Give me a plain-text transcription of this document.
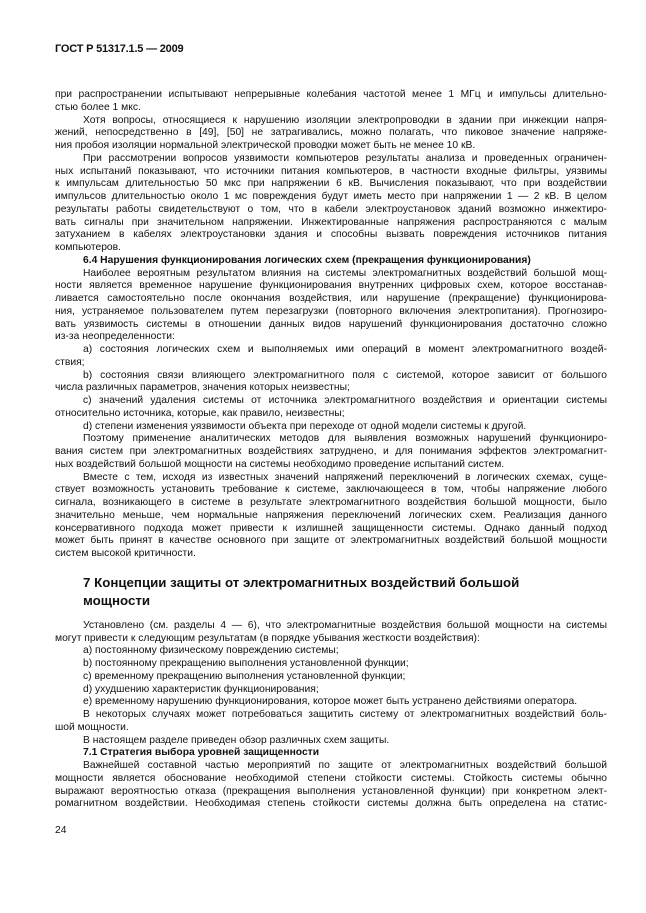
ГОСТ Р 51317.1.5 — 2009
при распространении испытывают непрерывные колебания частотой менее 1 МГц и импульсы длительно-
стью более 1 мкс.
Хотя вопросы, относящиеся к нарушению изоляции электропроводки в здании при инжекции напря-
жений, непосредственно в [49], [50] не затрагивались, можно полагать, что пиковое значение напряже-
ния пробоя изоляции нормальной электрической проводки может быть не менее 10 кВ.
При рассмотрении вопросов уязвимости компьютеров результаты анализа и проведенных ограничен-
ных испытаний показывают, что источники питания компьютеров, в частности входные фильтры, уязвимы
к импульсам длительностью 50 мкс при напряжении 6 кВ. Вычисления показывают, что при воздействии
импульсов длительностью около 1 мс повреждения будут иметь место при напряжении 1 — 2 кВ. В целом
результаты работы свидетельствуют о том, что в кабели электроустановок зданий возможно инжектиро-
вать сигналы при значительном напряжении. Инжектированные напряжения распространяются с малым
затуханием в кабелях электроустановки здания и способны вызвать повреждения источников питания
компьютеров.
6.4 Нарушения функционирования логических схем (прекращения функционирования)
Наиболее вероятным результатом влияния на системы электромагнитных воздействий большой мощ-
ности является временное нарушение функционирования внутренних цифровых схем, которое восстанав-
ливается самостоятельно после окончания воздействия, или нарушение (прекращение) функционирова-
ния, устраняемое пользователем путем перезагрузки (повторного включения электропитания). Прогнозиро-
вать уязвимость системы в отношении данных видов нарушений функционирования достаточно сложно
из-за неопределенности:
a) состояния логических схем и выполняемых ими операций в момент электромагнитного воздей-
ствия;
b) состояния связи влияющего электромагнитного поля с системой, которое зависит от большого
числа различных параметров, значения которых неизвестны;
c) значений удаления системы от источника электромагнитного воздействия и ориентации системы
относительно источника, которые, как правило, неизвестны;
d) степени изменения уязвимости объекта при переходе от одной модели системы к другой.
Поэтому применение аналитических методов для выявления возможных нарушений функциониро-
вания систем при электромагнитных воздействиях затруднено, и для понимания эффектов электромагнит-
ных воздействий большой мощности на системы необходимо проведение испытаний систем.
Вместе с тем, исходя из известных значений напряжений переключений в логических схемах, суще-
ствует возможность установить требование к системе, заключающееся в том, чтобы напряжение любого
сигнала, возникающего в системе в результате электромагнитного воздействия большой мощности, было
значительно меньше, чем нормальные напряжения переключений логических схем. Реализация данного
консервативного подхода может привести к излишней защищенности системы. Однако данный подход
может быть принят в качестве основного при защите от электромагнитных воздействий большой мощности
систем высокой критичности.
7 Концепции защиты от электромагнитных воздействий большой
мощности
Установлено (см. разделы 4 — 6), что электромагнитные воздействия большой мощности на системы
могут привести к следующим результатам (в порядке убывания жесткости воздействия):
a) постоянному физическому повреждению системы;
b) постоянному прекращению выполнения установленной функции;
c) временному прекращению выполнения установленной функции;
d) ухудшению характеристик функционирования;
e) временному нарушению функционирования, которое может быть устранено действиями оператора.
В некоторых случаях может потребоваться защитить систему от электромагнитных воздействий боль-
шой мощности.
В настоящем разделе приведен обзор различных схем защиты.
7.1 Стратегия выбора уровней защищенности
Важнейшей составной частью мероприятий по защите от электромагнитных воздействий большой
мощности является обоснование необходимой степени стойкости системы. Стойкость системы обычно
выражают вероятностью отказа (прекращения выполнения установленной функции) при конкретном элект-
ромагнитном воздействии. Необходимая степень стойкости системы должна быть определена на статис-
24
